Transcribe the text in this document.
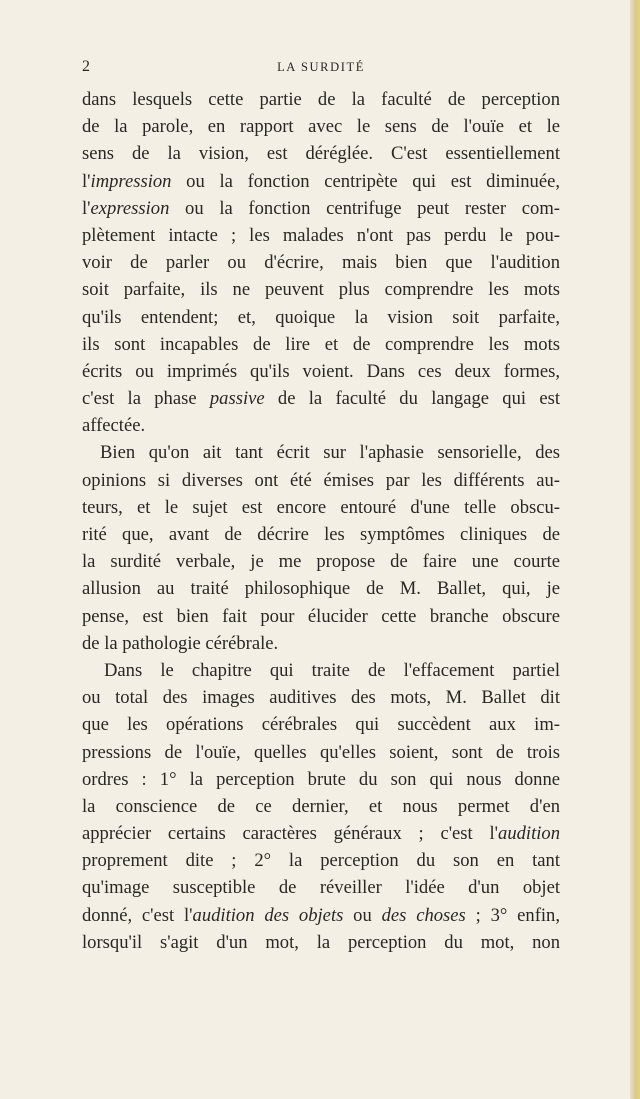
2	LA SURDITÉ
dans lesquels cette partie de la faculté de perception
de la parole, en rapport avec le sens de l'ouïe et le
sens de la vision, est déréglée. C'est essentiellement
l'impression ou la fonction centripète qui est diminuée,
l'expression ou la fonction centrifuge peut rester com-
plètement intacte ; les malades n'ont pas perdu le pou-
voir de parler ou d'écrire, mais bien que l'audition
soit parfaite, ils ne peuvent plus comprendre les mots
qu'ils entendent; et, quoique la vision soit parfaite,
ils sont incapables de lire et de comprendre les mots
écrits ou imprimés qu'ils voient. Dans ces deux formes,
c'est la phase passive de la faculté du langage qui est
affectée.
Bien qu'on ait tant écrit sur l'aphasie sensorielle, des
opinions si diverses ont été émises par les différents au-
teurs, et le sujet est encore entouré d'une telle obscu-
rité que, avant de décrire les symptômes cliniques de
la surdité verbale, je me propose de faire une courte
allusion au traité philosophique de M. Ballet, qui, je
pense, est bien fait pour élucider cette branche obscure
de la pathologie cérébrale.
Dans le chapitre qui traite de l'effacement partiel
ou total des images auditives des mots, M. Ballet dit
que les opérations cérébrales qui succèdent aux im-
pressions de l'ouïe, quelles qu'elles soient, sont de trois
ordres : 1° la perception brute du son qui nous donne
la conscience de ce dernier, et nous permet d'en
apprécier certains caractères généraux ; c'est l'audition
proprement dite ; 2° la perception du son en tant
qu'image susceptible de réveiller l'idée d'un objet
donné, c'est l'audition des objets ou des choses ; 3° enfin,
lorsqu'il s'agit d'un mot, la perception du mot, non
